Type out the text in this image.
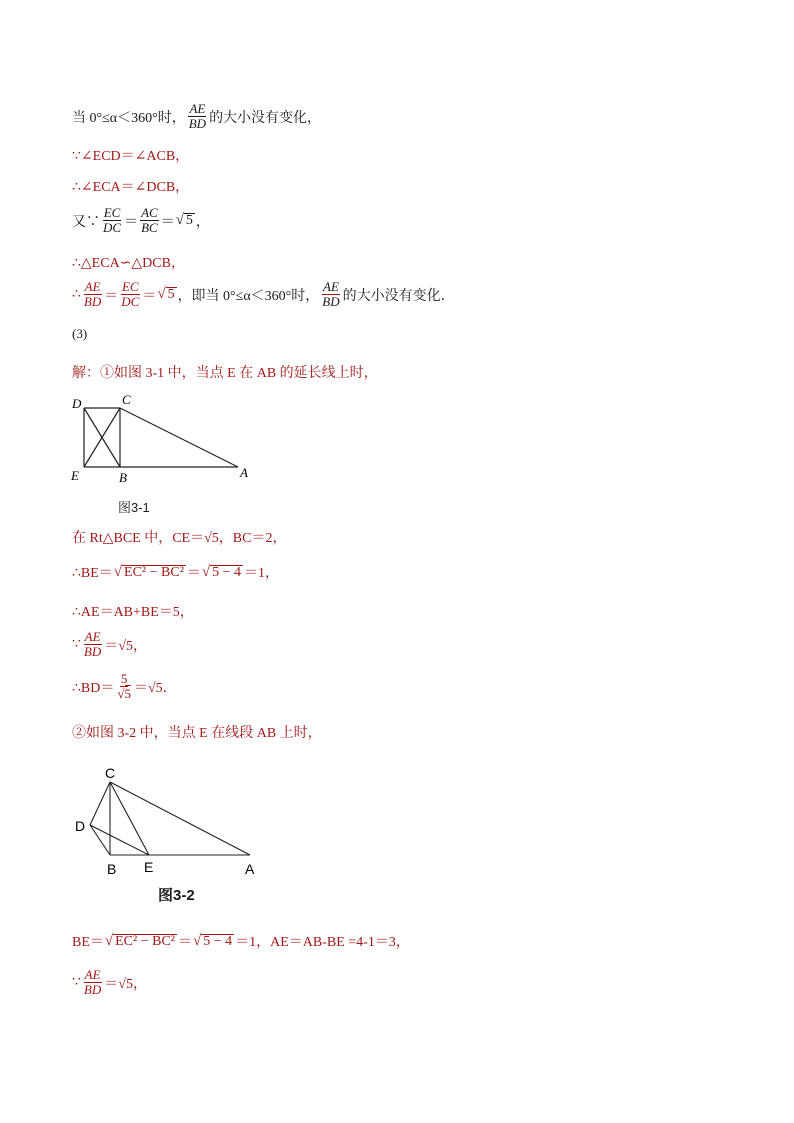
当 0°≤α＜360°时， $\frac{AE}{BD}$ 的大小没有变化，
∵∠ECD＝∠ACB，
∴∠ECA＝∠DCB，
又∵ $\frac{EC}{DC} = \frac{AC}{BC}$ ＝ √ 5 ，
∴△ECA∽△DCB，
∴ $\frac{AE}{BD} = \frac{EC}{DC}$ ＝ √ 5 ，即当 0°≤α＜360°时， $\frac{AE}{BD}$ 的大小没有变化．
(3)
解：①如图 3-1 中，当点 E 在 AB 的延长线上时，
D	C
E	B	A
图3-1
在 Rt△BCE 中，CE＝√5，BC＝2，
∴BE＝ √ EC² − BC² ＝ √ 5 − 4 ＝1，
∴AE＝AB+BE＝5，
∵ $\frac{AE}{BD} =√5$，
∴BD＝ $\frac{5}{√5} =√5$．
②如图 3-2 中，当点 E 在线段 AB 上时，
C
D
B E	A
图3-2
BE＝ √ EC² − BC² ＝ √ 5 − 4 ＝1，AE＝AB-BE =4-1＝3，
∵ $\frac{AE}{BD} =√5$，
